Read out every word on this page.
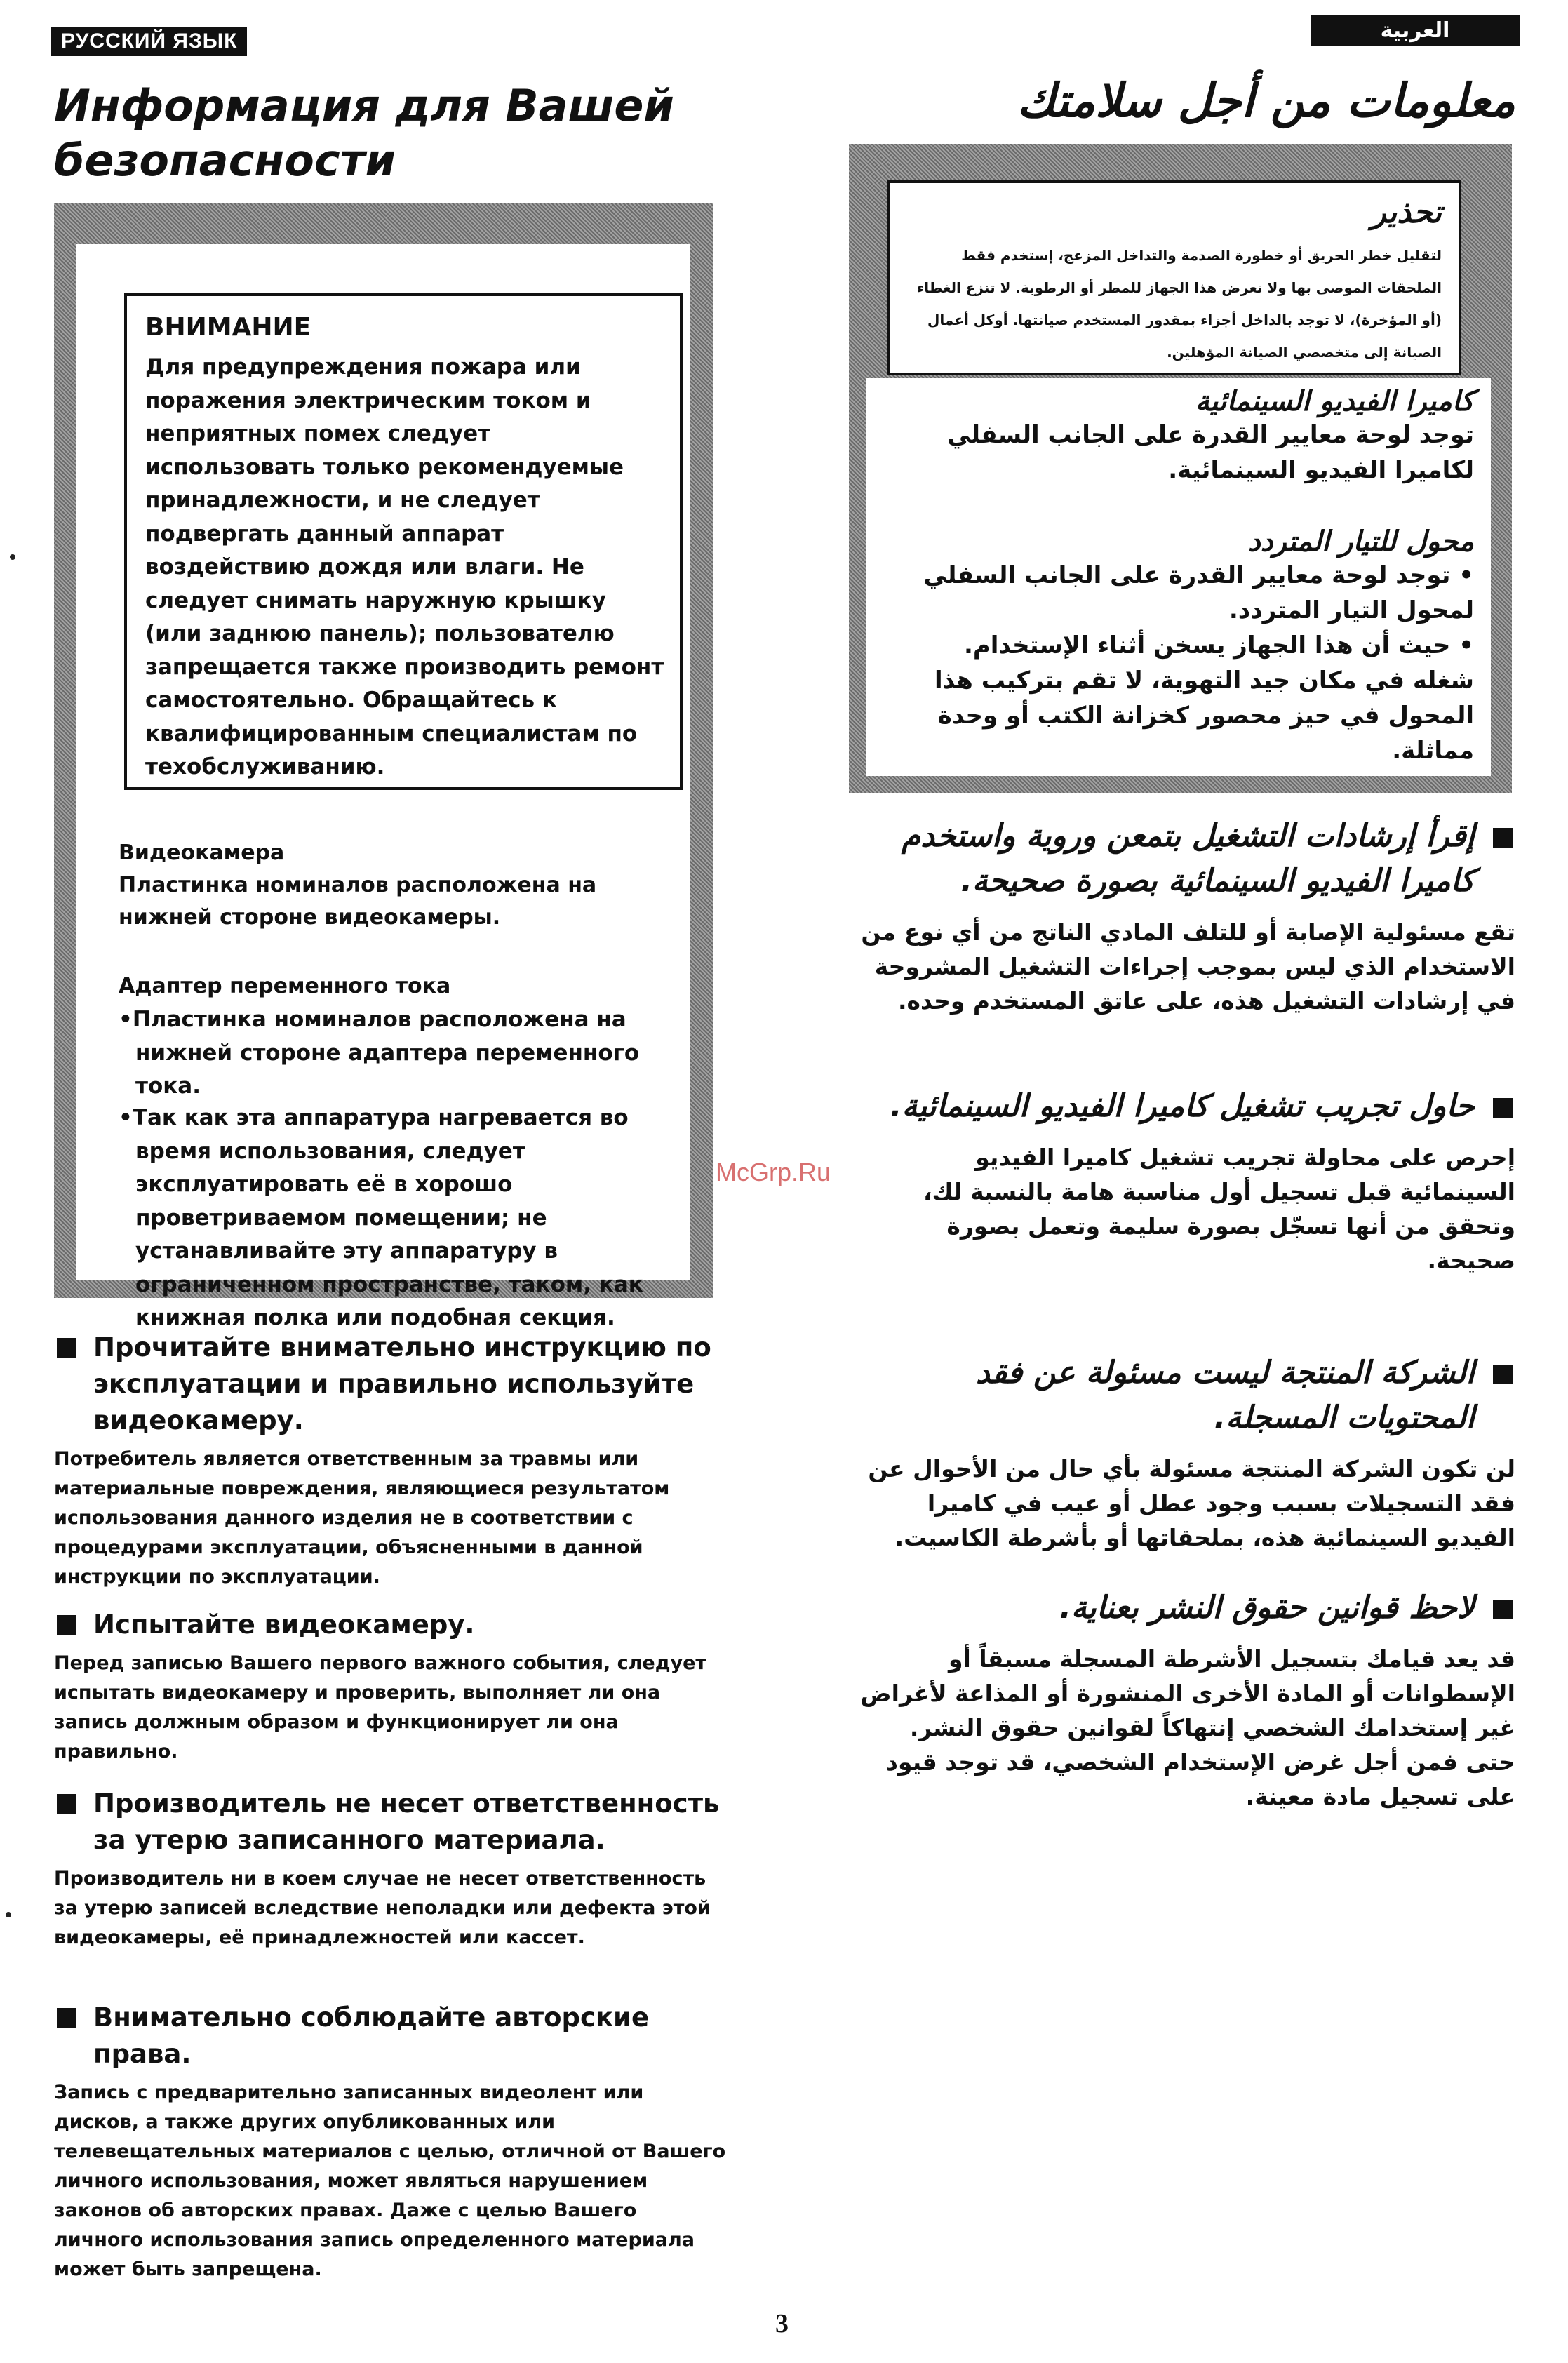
РУССКИЙ ЯЗЫК	العربية
Информация для Вашей безопасности
معلومات من أجل سلامتك
ВНИМАНИЕ
Для предупреждения пожара или поражения электрическим током и неприятных помех следует использовать только рекомендуемые принадлежности, и не следует подвергать данный аппарат воздействию дождя или влаги. Не следует снимать наружную крышку (или заднюю панель); пользователю запрещается также производить ремонт самостоятельно. Обращайтесь к квалифицированным специалистам по техобслуживанию.
Видеокамера
Пластинка номиналов расположена на нижней стороне видеокамеры.
Адаптер переменного тока
•Пластинка номиналов расположена на нижней стороне адаптера переменного тока.
•Так как эта аппаратура нагревается во время использования, следует эксплуатировать её в хорошо проветриваемом помещении; не устанавливайте эту аппаратуру в ограниченном пространстве, таком, как книжная полка или подобная секция.
تحذير
لتقليل خطر الحريق أو خطورة الصدمة والتداخل المزعج، إستخدم فقط الملحقات الموصى بها ولا تعرض هذا الجهاز للمطر أو الرطوبة. لا تنزع الغطاء (أو المؤخرة)، لا توجد بالداخل أجزاء بمقدور المستخدم صيانتها. أوكل أعمال الصيانة إلى متخصصي الصيانة المؤهلين.
كاميرا الفيديو السينمائية
توجد لوحة معايير القدرة على الجانب السفلي لكاميرا الفيديو السينمائية.
محول للتيار المتردد
• توجد لوحة معايير القدرة على الجانب السفلي لمحول التيار المتردد.
• حيث أن هذا الجهاز يسخن أثناء الإستخدام. شغله في مكان جيد التهوية، لا تقم بتركيب هذا المحول في حيز محصور كخزانة الكتب أو وحدة مماثلة.
Прочитайте внимательно инструкцию по эксплуатации и правильно используйте видеокамеру.
Потребитель является ответственным за травмы или материальные повреждения, являющиеся результатом использования данного изделия не в соответствии с процедурами эксплуатации, объясненными в данной инструкции по эксплуатации.
Испытайте видеокамеру.
Перед записью Вашего первого важного события, следует испытать видеокамеру и проверить, выполняет ли она запись должным образом и функционирует ли она правильно.
Производитель не несет ответственность за утерю записанного материала.
Производитель ни в коем случае не несет ответственность за утерю записей вследствие неполадки или дефекта этой видеокамеры, её принадлежностей или кассет.
Внимательно соблюдайте авторские права.
Запись с предварительно записанных видеолент или дисков, а также других опубликованных или телевещательных материалов с целью, отличной от Вашего личного использования, может являться нарушением законов об авторских правах. Даже с целью Вашего личного использования запись определенного материала может быть запрещена.
إقرأ إرشادات التشغيل بتمعن وروية واستخدم كاميرا الفيديو السينمائية بصورة صحيحة.
تقع مسئولية الإصابة أو للتلف المادي الناتج من أي نوع من الاستخدام الذي ليس بموجب إجراءات التشغيل المشروحة في إرشادات التشغيل هذه، على عاتق المستخدم وحده.
حاول تجريب تشغيل كاميرا الفيديو السينمائية.
إحرص على محاولة تجريب تشغيل كاميرا الفيديو السينمائية قبل تسجيل أول مناسبة هامة بالنسبة لك، وتحقق من أنها تسجّل بصورة سليمة وتعمل بصورة صحيحة.
الشركة المنتجة ليست مسئولة عن فقد المحتويات المسجلة.
لن تكون الشركة المنتجة مسئولة بأي حال من الأحوال عن فقد التسجيلات بسبب وجود عطل أو عيب في كاميرا الفيديو السينمائية هذه، بملحقاتها أو بأشرطة الكاسيت.
لاحظ قوانين حقوق النشر بعناية.
قد يعد قيامك بتسجيل الأشرطة المسجلة مسبقاً أو الإسطوانات أو المادة الأخرى المنشورة أو المذاعة لأغراض غير إستخدامك الشخصي إنتهاكاً لقوانين حقوق النشر. حتى فمن أجل غرض الإستخدام الشخصي، قد توجد قيود على تسجيل مادة معينة.
McGrp.Ru
3
